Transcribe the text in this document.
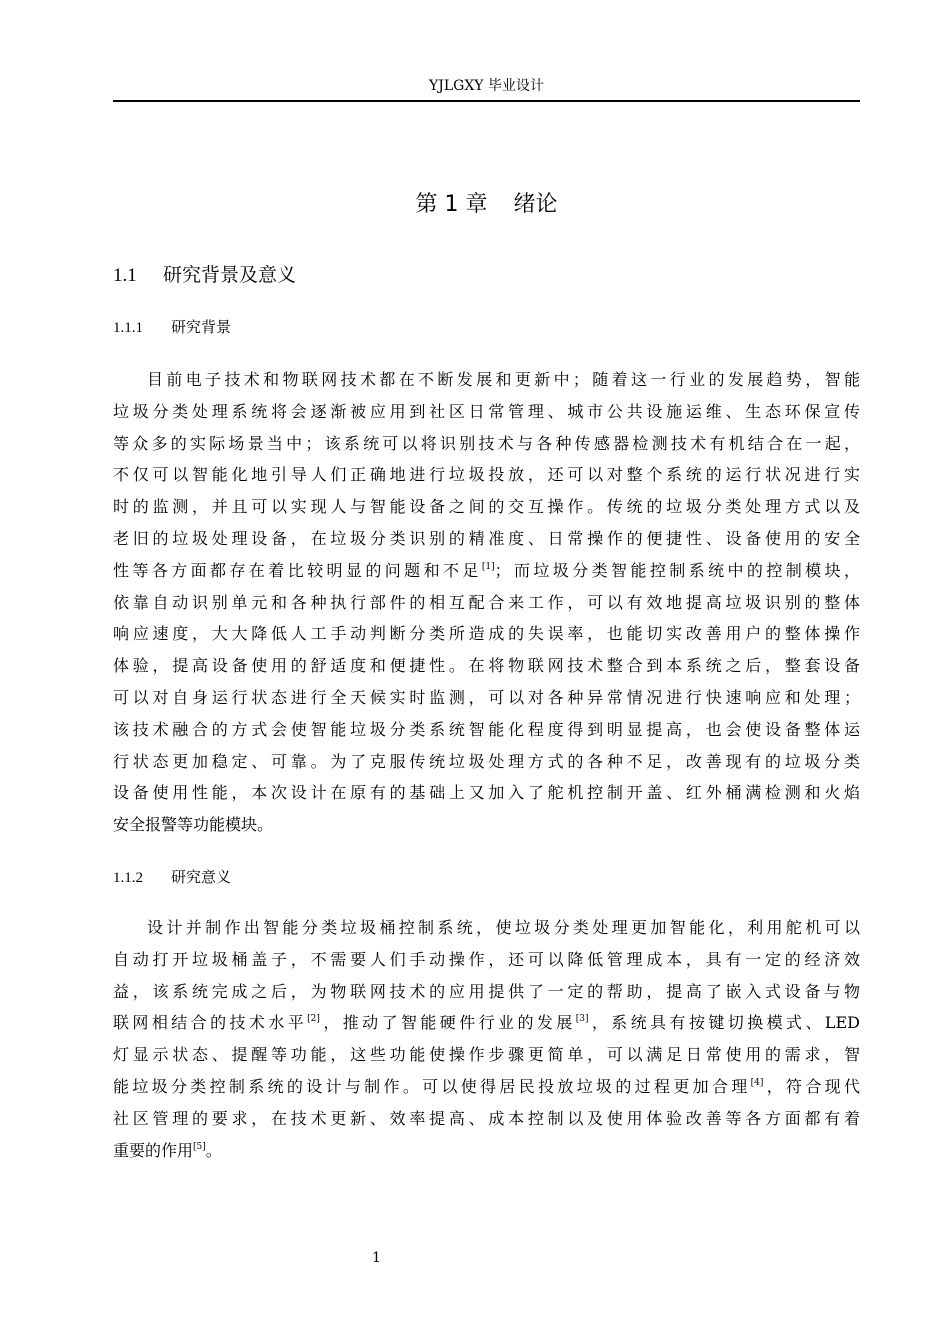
YJLGXY 毕业设计
第 1 章 绪论
1.1 研究背景及意义
1.1.1 研究背景
目前电子技术和物联网技术都在不断发展和更新中；随着这一行业的发展趋势，智能
垃圾分类处理系统将会逐渐被应用到社区日常管理、城市公共设施运维、生态环保宣传
等众多的实际场景当中；该系统可以将识别技术与各种传感器检测技术有机结合在一起，
不仅可以智能化地引导人们正确地进行垃圾投放，还可以对整个系统的运行状况进行实
时的监测，并且可以实现人与智能设备之间的交互操作。传统的垃圾分类处理方式以及
老旧的垃圾处理设备，在垃圾分类识别的精准度、日常操作的便捷性、设备使用的安全
性等各方面都存在着比较明显的问题和不足[1]；而垃圾分类智能控制系统中的控制模块，
依靠自动识别单元和各种执行部件的相互配合来工作，可以有效地提高垃圾识别的整体
响应速度，大大降低人工手动判断分类所造成的失误率，也能切实改善用户的整体操作
体验，提高设备使用的舒适度和便捷性。在将物联网技术整合到本系统之后，整套设备
可以对自身运行状态进行全天候实时监测，可以对各种异常情况进行快速响应和处理；
该技术融合的方式会使智能垃圾分类系统智能化程度得到明显提高，也会使设备整体运
行状态更加稳定、可靠。为了克服传统垃圾处理方式的各种不足，改善现有的垃圾分类
设备使用性能，本次设计在原有的基础上又加入了舵机控制开盖、红外桶满检测和火焰
安全报警等功能模块。
1.1.2 研究意义
设计并制作出智能分类垃圾桶控制系统，使垃圾分类处理更加智能化，利用舵机可以
自动打开垃圾桶盖子，不需要人们手动操作，还可以降低管理成本，具有一定的经济效
益，该系统完成之后，为物联网技术的应用提供了一定的帮助，提高了嵌入式设备与物
联网相结合的技术水平[2]，推动了智能硬件行业的发展[3]，系统具有按键切换模式、LED
灯显示状态、提醒等功能，这些功能使操作步骤更简单，可以满足日常使用的需求，智
能垃圾分类控制系统的设计与制作。可以使得居民投放垃圾的过程更加合理[4]，符合现代
社区管理的要求，在技术更新、效率提高、成本控制以及使用体验改善等各方面都有着
重要的作用[5]。
1
